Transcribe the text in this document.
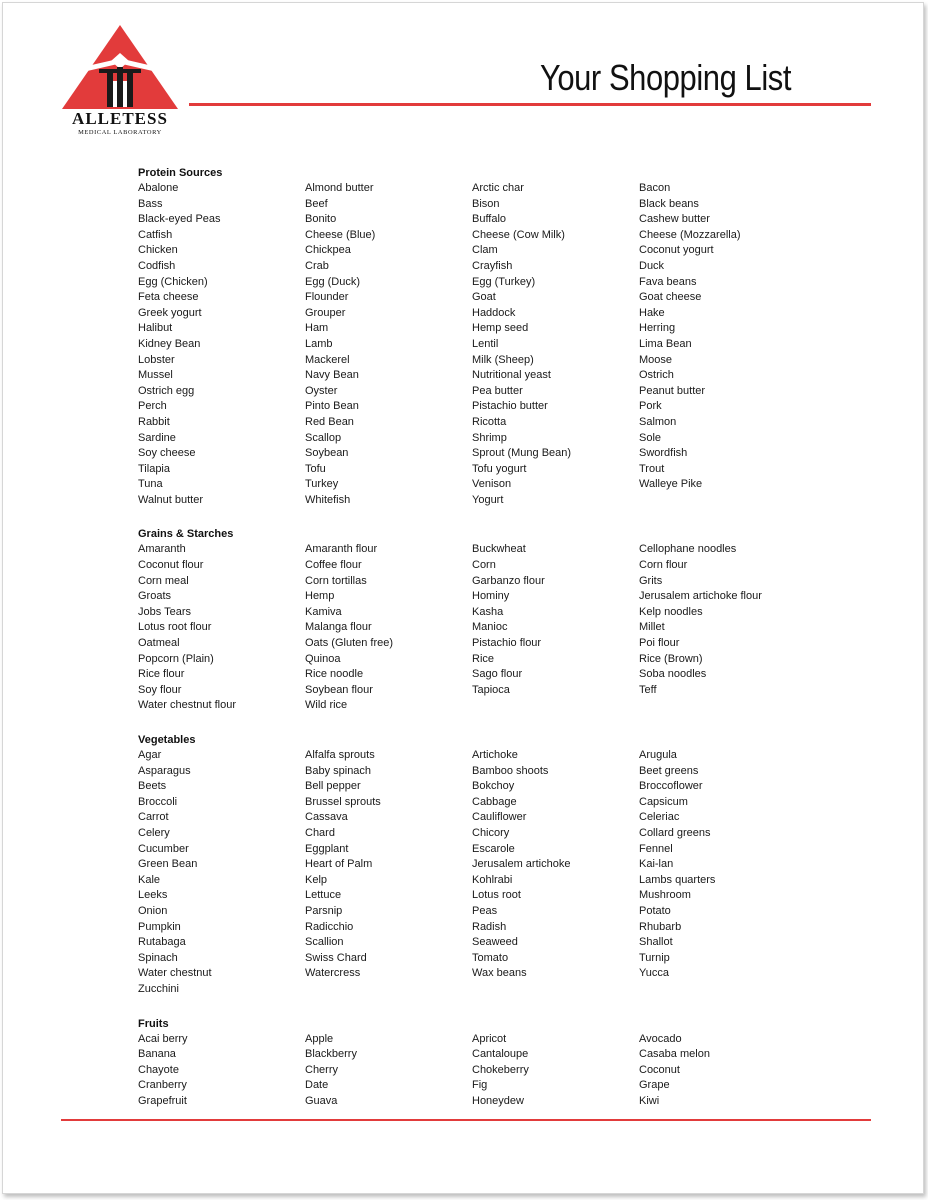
ALLETESS
MEDICAL LABORATORY
Your Shopping List
Protein Sources
Abalone
Bass
Black-eyed Peas
Catfish
Chicken
Codfish
Egg (Chicken)
Feta cheese
Greek yogurt
Halibut
Kidney Bean
Lobster
Mussel
Ostrich egg
Perch
Rabbit
Sardine
Soy cheese
Tilapia
Tuna
Walnut butter
Almond butter
Beef
Bonito
Cheese (Blue)
Chickpea
Crab
Egg (Duck)
Flounder
Grouper
Ham
Lamb
Mackerel
Navy Bean
Oyster
Pinto Bean
Red Bean
Scallop
Soybean
Tofu
Turkey
Whitefish
Arctic char
Bison
Buffalo
Cheese (Cow Milk)
Clam
Crayfish
Egg (Turkey)
Goat
Haddock
Hemp seed
Lentil
Milk (Sheep)
Nutritional yeast
Pea butter
Pistachio butter
Ricotta
Shrimp
Sprout (Mung Bean)
Tofu yogurt
Venison
Yogurt
Bacon
Black beans
Cashew butter
Cheese (Mozzarella)
Coconut yogurt
Duck
Fava beans
Goat cheese
Hake
Herring
Lima Bean
Moose
Ostrich
Peanut butter
Pork
Salmon
Sole
Swordfish
Trout
Walleye Pike
Grains & Starches
Amaranth
Coconut flour
Corn meal
Groats
Jobs Tears
Lotus root flour
Oatmeal
Popcorn (Plain)
Rice flour
Soy flour
Water chestnut flour
Amaranth flour
Coffee flour
Corn tortillas
Hemp
Kamiva
Malanga flour
Oats (Gluten free)
Quinoa
Rice noodle
Soybean flour
Wild rice
Buckwheat
Corn
Garbanzo flour
Hominy
Kasha
Manioc
Pistachio flour
Rice
Sago flour
Tapioca
Cellophane noodles
Corn flour
Grits
Jerusalem artichoke flour
Kelp noodles
Millet
Poi flour
Rice (Brown)
Soba noodles
Teff
Vegetables
Agar
Asparagus
Beets
Broccoli
Carrot
Celery
Cucumber
Green Bean
Kale
Leeks
Onion
Pumpkin
Rutabaga
Spinach
Water chestnut
Zucchini
Alfalfa sprouts
Baby spinach
Bell pepper
Brussel sprouts
Cassava
Chard
Eggplant
Heart of Palm
Kelp
Lettuce
Parsnip
Radicchio
Scallion
Swiss Chard
Watercress
Artichoke
Bamboo shoots
Bokchoy
Cabbage
Cauliflower
Chicory
Escarole
Jerusalem artichoke
Kohlrabi
Lotus root
Peas
Radish
Seaweed
Tomato
Wax beans
Arugula
Beet greens
Broccoflower
Capsicum
Celeriac
Collard greens
Fennel
Kai-lan
Lambs quarters
Mushroom
Potato
Rhubarb
Shallot
Turnip
Yucca
Fruits
Acai berry
Banana
Chayote
Cranberry
Grapefruit
Apple
Blackberry
Cherry
Date
Guava
Apricot
Cantaloupe
Chokeberry
Fig
Honeydew
Avocado
Casaba melon
Coconut
Grape
Kiwi
